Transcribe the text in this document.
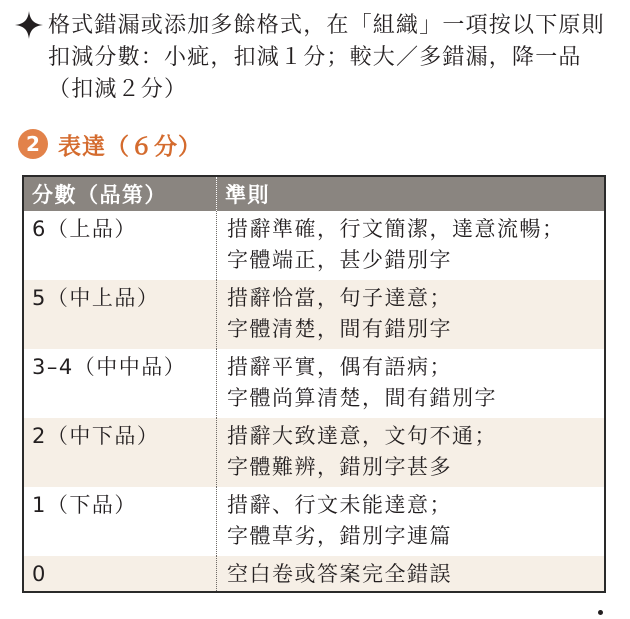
格式錯漏或添加多餘格式，在「組織」一項按以下原則扣減分數：小疵，扣減１分；較大／多錯漏，降一品（扣減２分）
2 表達（６分）
分數（品第）	準則
6（上品）	措辭準確，行文簡潔，達意流暢；
字體端正，甚少錯別字

5（中上品）	措辭恰當，句子達意；
字體清楚，間有錯別字

3–4（中中品）	措辭平實，偶有語病；
字體尚算清楚，間有錯別字

2（中下品）	措辭大致達意，文句不通；
字體難辨，錯別字甚多

1（下品）	措辭、行文未能達意；
字體草劣，錯別字連篇

0	空白卷或答案完全錯誤
